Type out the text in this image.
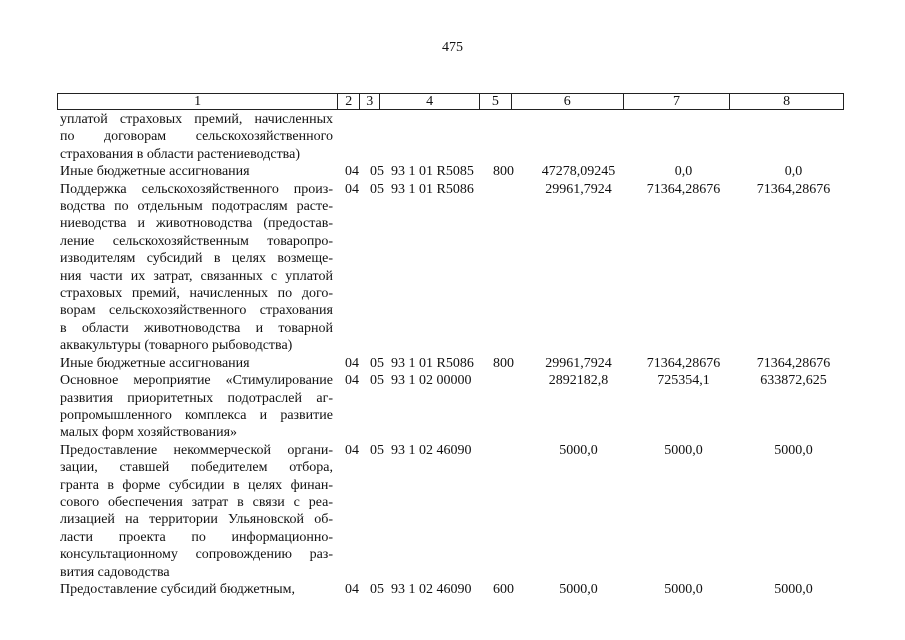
475
1	2 3	4	5	6	7	8
уплатой страховых премий, начисленных
по договорам сельскохозяйственного
страхования в области растениеводства)
Иные бюджетные ассигнования	04 05 93 1 01 R5085 800	47278,09245	0,0	0,0
Поддержка сельскохозяйственного произ-
водства по отдельным подотраслям расте-
ниеводства и животноводства (предостав-
ление сельскохозяйственным товаропро-
изводителям субсидий в целях возмеще-
ния части их затрат, связанных с уплатой
страховых премий, начисленных по дого-
ворам сельскохозяйственного страхования
в области животноводства и товарной
аквакультуры (товарного рыбоводства)
04 05 93 1 01 R5086	29961,7924	71364,28676	71364,28676
Иные бюджетные ассигнования	04 05 93 1 01 R5086 800	29961,7924	71364,28676	71364,28676
Основное мероприятие «Стимулирование
развития приоритетных подотраслей аг-
ропромышленного комплекса и развитие
малых форм хозяйствования»
04 05 93 1 02 00000	2892182,8	725354,1	633872,625
Предоставление некоммерческой органи-
зации, ставшей победителем отбора,
гранта в форме субсидии в целях финан-
сового обеспечения затрат в связи с реа-
лизацией на территории Ульяновской об-
ласти проекта по информационно-
консультационному сопровождению раз-
вития садоводства
04 05 93 1 02 46090	5000,0	5000,0	5000,0
Предоставление субсидий бюджетным,	04 05 93 1 02 46090 600	5000,0	5000,0	5000,0
